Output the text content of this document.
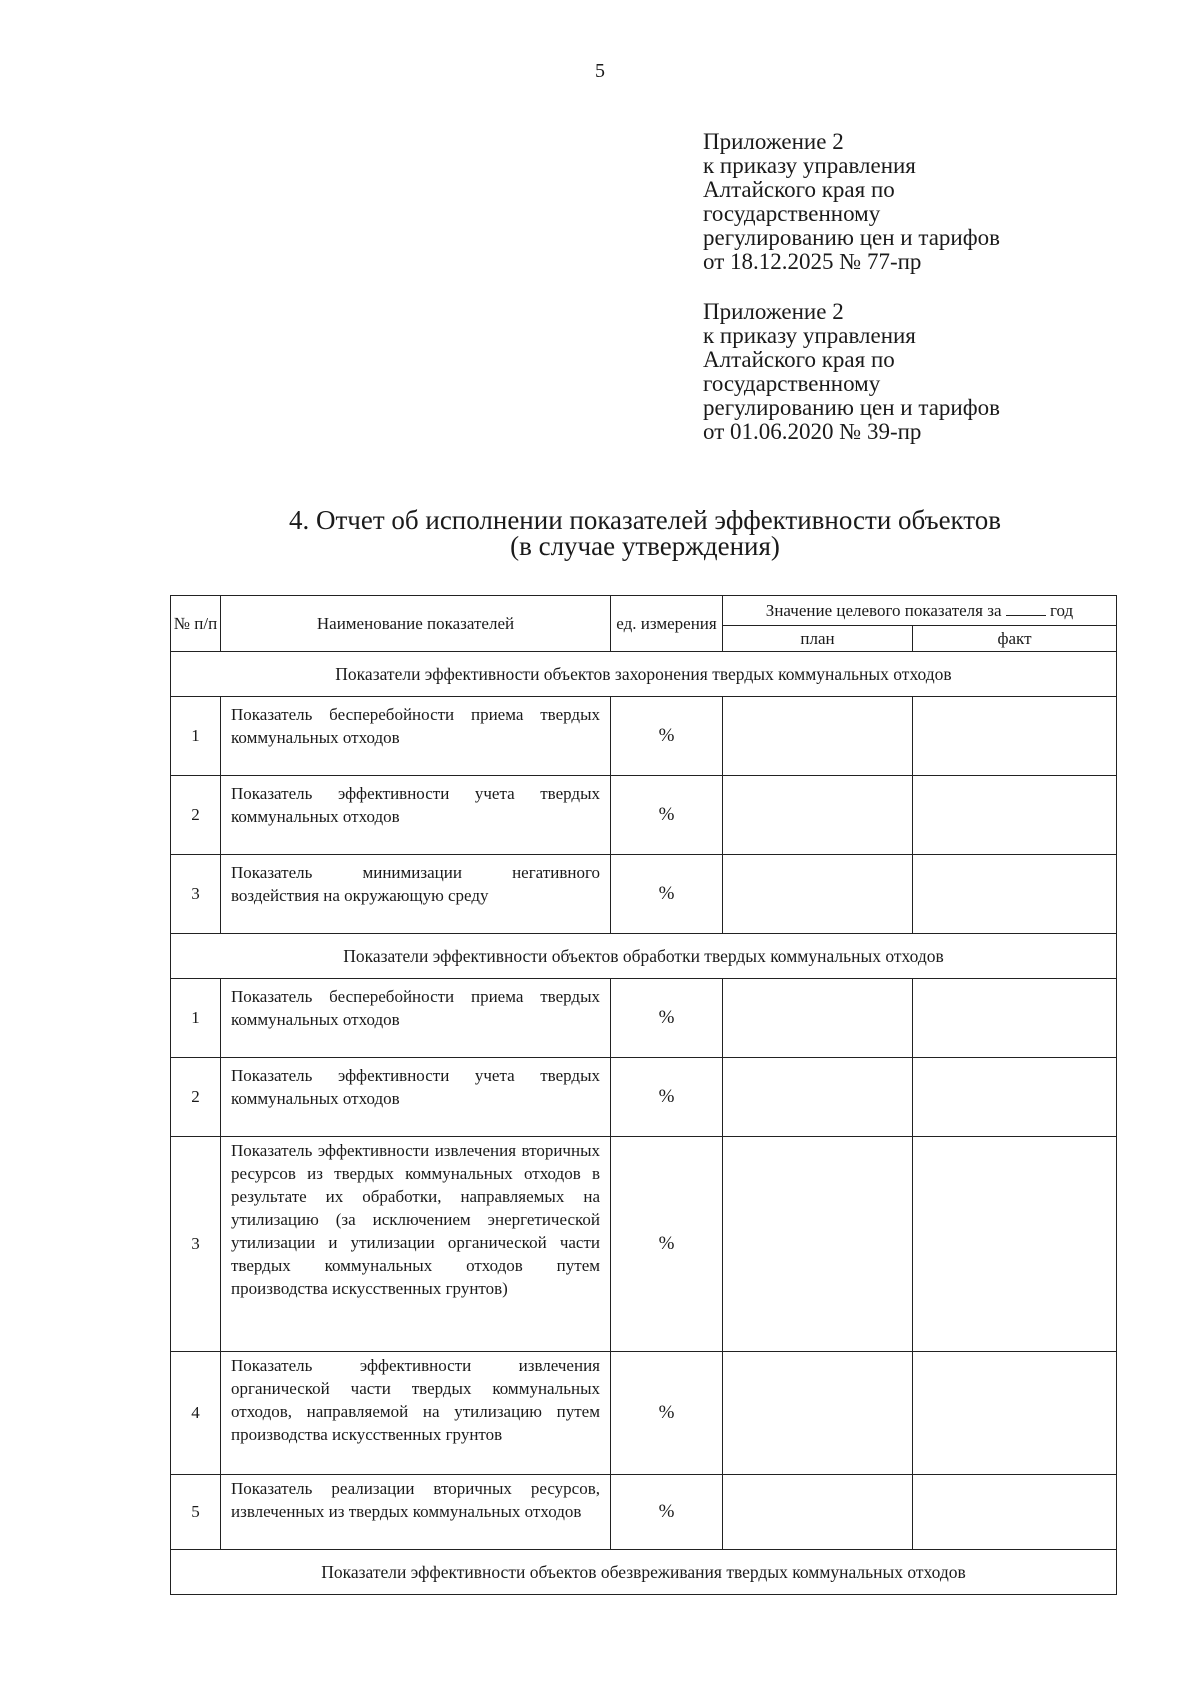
5
Приложение 2
к приказу управления
Алтайского края по
государственному
регулированию цен и тарифов
от 18.12.2025 № 77-пр
Приложение 2
к приказу управления
Алтайского края по
государственному
регулированию цен и тарифов
от 01.06.2020 № 39-пр
4. Отчет об исполнении показателей эффективности объектов
(в случае утверждения)
№ п/п	Наименование показателей	ед. измерения	Значение целевого показателя за год	
			план	факт
Показатели эффективности объектов захоронения твердых коммунальных отходов				
1	Показатель бесперебойности приема твердых коммунальных отходов	%		
2	Показатель эффективности учета твердых коммунальных отходов	%		
3	Показатель минимизации негативного воздействия на окружающую среду	%		
Показатели эффективности объектов обработки твердых коммунальных отходов				
1	Показатель бесперебойности приема твердых коммунальных отходов	%		
2	Показатель эффективности учета твердых коммунальных отходов	%		
3	Показатель эффективности извлечения вторичных ресурсов из твердых коммунальных отходов в результате их обработки, направляемых на утилизацию (за исключением энергетической утилизации и утилизации органической части твердых коммунальных отходов путем производства искусственных грунтов)	%		
4	Показатель эффективности извлечения органической части твердых коммунальных отходов, направляемой на утилизацию путем производства искусственных грунтов	%		
5	Показатель реализации вторичных ресурсов, извлеченных из твердых коммунальных отходов	%		
Показатели эффективности объектов обезвреживания твердых коммунальных отходов				
